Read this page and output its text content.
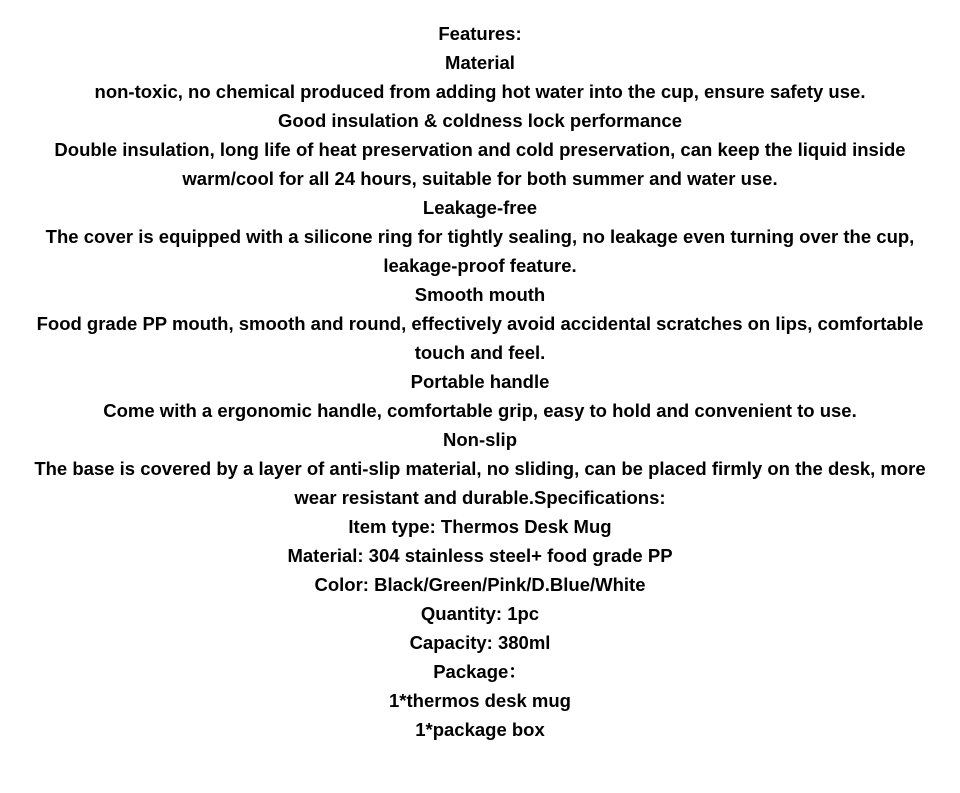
Features:
Material
non-toxic, no chemical produced from adding hot water into the cup, ensure safety use.
Good insulation & coldness lock performance
Double insulation, long life of heat preservation and cold preservation, can keep the liquid inside warm/cool for all 24 hours, suitable for both summer and water use.
Leakage-free
The cover is equipped with a silicone ring for tightly sealing, no leakage even turning over the cup, leakage-proof feature.
Smooth mouth
Food grade PP mouth, smooth and round, effectively avoid accidental scratches on lips, comfortable touch and feel.
Portable handle
Come with a ergonomic handle, comfortable grip, easy to hold and convenient to use.
Non-slip
The base is covered by a layer of anti-slip material, no sliding, can be placed firmly on the desk, more wear resistant and durable.Specifications:
Item type: Thermos Desk Mug
Material: 304 stainless steel+ food grade PP
Color: Black/Green/Pink/D.Blue/White
Quantity: 1pc
Capacity: 380ml
Package：
1*thermos desk mug
1*package box
